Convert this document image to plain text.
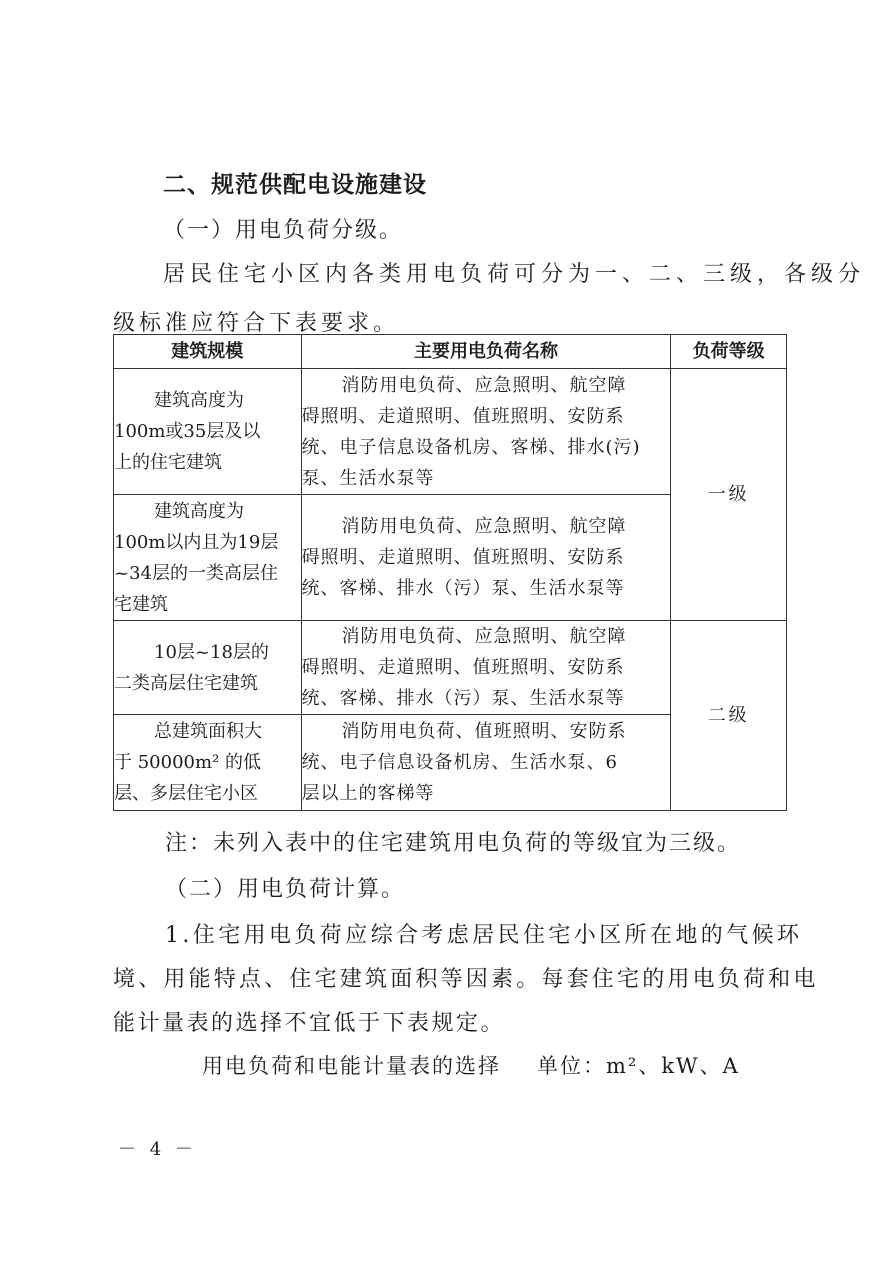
二、规范供配电设施建设
（一）用电负荷分级。
居民住宅小区内各类用电负荷可分为一、二、三级，各级分
级标准应符合下表要求。
建筑规模	主要用电负荷名称	负荷等级

建筑高度为
100m或35层及以
上的住宅建筑	消防用电负荷、应急照明、航空障
碍照明、走道照明、值班照明、安防系
统、电子信息设备机房、客梯、排水(污)
泵、生活水泵等	一级

建筑高度为
100m以内且为19层
~34层的一类高层住
宅建筑	消防用电负荷、应急照明、航空障
碍照明、走道照明、值班照明、安防系
统、客梯、排水（污）泵、生活水泵等	

10层~18层的
二类高层住宅建筑	消防用电负荷、应急照明、航空障
碍照明、走道照明、值班照明、安防系
统、客梯、排水（污）泵、生活水泵等	二级

总建筑面积大
于 50000m² 的低
层、多层住宅小区	消防用电负荷、值班照明、安防系
统、电子信息设备机房、生活水泵、6
层以上的客梯等	
注：未列入表中的住宅建筑用电负荷的等级宜为三级。
（二）用电负荷计算。
1.住宅用电负荷应综合考虑居民住宅小区所在地的气候环
境、用能特点、住宅建筑面积等因素。每套住宅的用电负荷和电
能计量表的选择不宜低于下表规定。
用电负荷和电能计量表的选择 单位：m²、kW、A
－ 4 －
